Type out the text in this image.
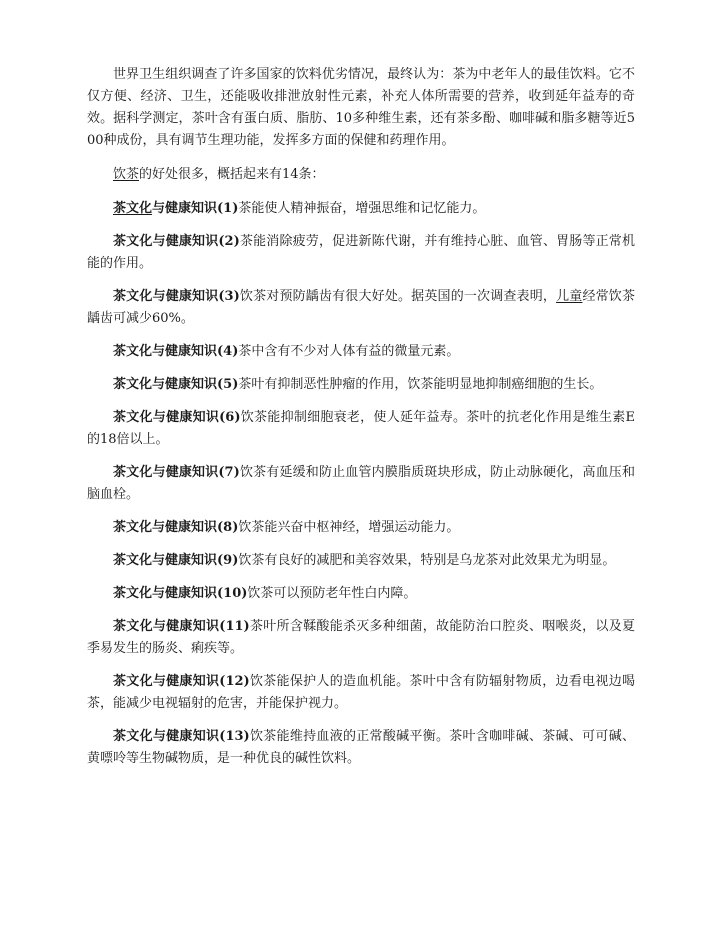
世界卫生组织调查了许多国家的饮料优劣情况，最终认为：茶为中老年人的最佳饮料。它不仅方便、经济、卫生，还能吸收排泄放射性元素，补充人体所需要的营养，收到延年益寿的奇效。据科学测定，茶叶含有蛋白质、脂肪、10多种维生素，还有茶多酚、咖啡碱和脂多糖等近500种成份，具有调节生理功能，发挥多方面的保健和药理作用。

饮茶的好处很多，概括起来有14条：

茶文化与健康知识(1)茶能使人精神振奋，增强思维和记忆能力。

茶文化与健康知识(2)茶能消除疲劳，促进新陈代谢，并有维持心脏、血管、胃肠等正常机能的作用。

茶文化与健康知识(3)饮茶对预防龋齿有很大好处。据英国的一次调查表明，儿童经常饮茶龋齿可减少60%。

茶文化与健康知识(4)茶中含有不少对人体有益的微量元素。

茶文化与健康知识(5)茶叶有抑制恶性肿瘤的作用，饮茶能明显地抑制癌细胞的生长。

茶文化与健康知识(6)饮茶能抑制细胞衰老，使人延年益寿。茶叶的抗老化作用是维生素E的18倍以上。

茶文化与健康知识(7)饮茶有延缓和防止血管内膜脂质斑块形成，防止动脉硬化，高血压和脑血栓。

茶文化与健康知识(8)饮茶能兴奋中枢神经，增强运动能力。

茶文化与健康知识(9)饮茶有良好的减肥和美容效果，特别是乌龙茶对此效果尤为明显。

茶文化与健康知识(10)饮茶可以预防老年性白内障。

茶文化与健康知识(11)茶叶所含鞣酸能杀灭多种细菌，故能防治口腔炎、咽喉炎，以及夏季易发生的肠炎、痢疾等。

茶文化与健康知识(12)饮茶能保护人的造血机能。茶叶中含有防辐射物质，边看电视边喝茶，能减少电视辐射的危害，并能保护视力。

茶文化与健康知识(13)饮茶能维持血液的正常酸碱平衡。茶叶含咖啡碱、茶碱、可可碱、黄嘌呤等生物碱物质，是一种优良的碱性饮料。
